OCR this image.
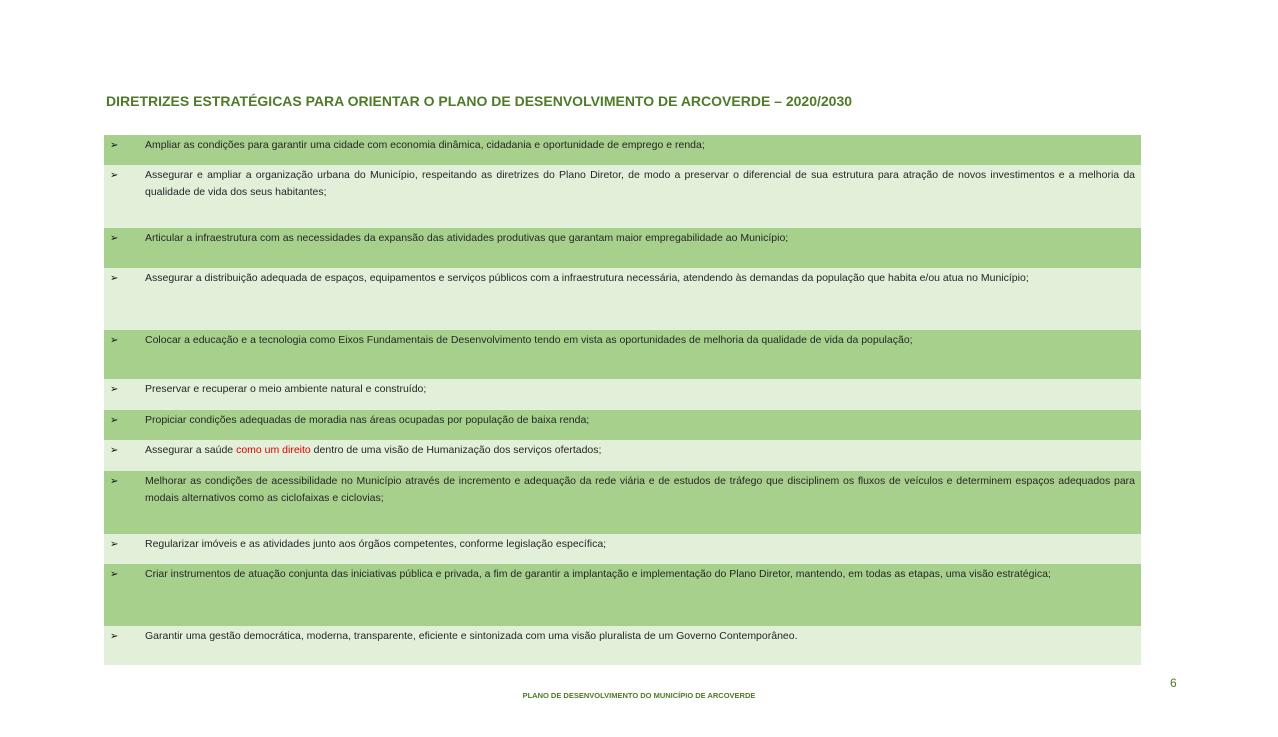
DIRETRIZES ESTRATÉGICAS PARA ORIENTAR O PLANO DE DESENVOLVIMENTO DE ARCOVERDE – 2020/2030
➢	Ampliar as condições para garantir uma cidade com economia dinâmica, cidadania e oportunidade de emprego e renda;
➢	Assegurar e ampliar a organização urbana do Município, respeitando as diretrizes do Plano Diretor, de modo a preservar o diferencial de sua estrutura para atração de novos investimentos e a melhoria da qualidade de vida dos seus habitantes;
➢	Articular a infraestrutura com as necessidades da expansão das atividades produtivas que garantam maior empregabilidade ao Município;
➢	Assegurar a distribuição adequada de espaços, equipamentos e serviços públicos com a infraestrutura necessária, atendendo às demandas da população que habita e/ou atua no Município;
➢	Colocar a educação e a tecnologia como Eixos Fundamentais de Desenvolvimento tendo em vista as oportunidades de melhoria da qualidade de vida da população;
➢	Preservar e recuperar o meio ambiente natural e construído;
➢	Propiciar condições adequadas de moradia nas áreas ocupadas por população de baixa renda;
➢	Assegurar a saúde como um direito dentro de uma visão de Humanização dos serviços ofertados;
➢	Melhorar as condições de acessibilidade no Município através de incremento e adequação da rede viária e de estudos de tráfego que disciplinem os fluxos de veículos e determinem espaços adequados para modais alternativos como as ciclofaixas e ciclovias;
➢	Regularizar imóveis e as atividades junto aos órgãos competentes, conforme legislação específica;
➢	Criar instrumentos de atuação conjunta das iniciativas pública e privada, a fim de garantir a implantação e implementação do Plano Diretor, mantendo, em todas as etapas, uma visão estratégica;
➢	Garantir uma gestão democrática, moderna, transparente, eficiente e sintonizada com uma visão pluralista de um Governo Contemporâneo.
6
PLANO DE DESENVOLVIMENTO DO MUNICÍPIO DE ARCOVERDE
